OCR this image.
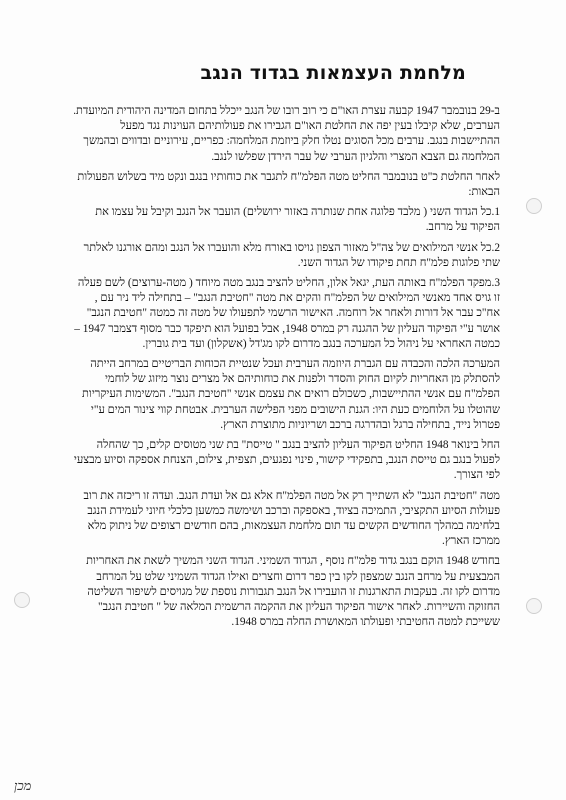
מלחמת העצמאות בגדוד הנגב

ב-29 בנובמבר 1947 קבעה עצרת האו"ם כי רוב רובו של הנגב ייכלל בתחום המדינה היהודית המיועדת. הערבים, שלא קיבלו בעין יפה את החלטת האו"ם הגבירו את פעולותיהם העוינות נגד מפעל ההתיישבות בנגב. ערבים מכל הסוגים נטלו חלק ביוזמת המלחמה: כפריים, עירוניים ובדווים ובהמשך המלחמה גם הצבא המצרי והלגיון הערבי של עבר הירדן שפלשו לנגב.

לאחר החלטת כ"ט בנובמבר החליט מטה הפלמ"ח לתגבר את כוחותיו בנגב ונקט מיד בשלוש הפעולות הבאות:

1.כל הגדוד השני ( מלבד פלוגה אחת שנותרה באזור ירושלים) הועבר אל הנגב וקיבל על עצמו את הפיקוד על מרחב.

2.כל אנשי המילואים של צה"ל מאזור הצפון גויסו באורח מלא והועברו אל הנגב ומהם אורגנו לאלתר שתי פלוגות פלמ"ח תחת פיקודו של הגדוד השני.

3.מפקד הפלמ"ח באותה העת, יגאל אלון, החליט להציב בנגב מטה מיוחד ( מטה-ערוצים) לשם פעלה זו גויס אחד מאנשי המילואים של הפלמ"ח והקים את מטה "חטיבת הנגב" – בתחילה ליד ניר עם , אח"כ עבר אל דורות ולאחר אל רוחמה. האישור הרשמי לתפעולו של מטה זה כמטה "חטיבת הנגב" אושר ע"י הפיקוד העליון של ההגנה רק במרס 1948, אבל בפועל הוא תיפקד כבר מסוף דצמבר 1947 – כמטה האחראי על ניהול כל המערכה בנגב מדרום לקו מג'דל (אשקלון) ועד בית גוברין.

המערכה הלכה והכבדה עם הגברת היוזמה הערבית ועכל שנטיית הכוחות הבריטיים במרחב הייתה להסתלק מן האחריות לקיום החוק והסדר ולפנות את כוחותיהם אל מצרים נוצר מיזוג של לוחמי הפלמ"ח עם אנשי ההתיישבות, כשכולם רואים את עצמם אנשי "חטיבת הנגב". המשימות העיקריות שהוטלו על הלוחמים כעת היו: הגנת הישובים מפני הפלישה הערבית. אבטחת קווי צינור המים ע"י פטרול נייד, בתחילה ברגל ובהדרגה ברכב ושריוניות מתוצרת הארץ.

החל בינואר 1948 החליט הפיקוד העליון להציב בנגב " טייסת" בת שני מטוסים קלים, כך שהחלה לפעול בנגב גם טייסת הנגב, בתפקידי קישור, פינוי נפגעים, תצפית, צילום, הצנחת אספקה וסיוע מבצעי לפי הצורך.

מטה "חטיבת הנגב" לא השתייך רק אל מטה הפלמ"ח אלא גם אל ועדת הנגב. ועדה זו ריכזה את רוב פעולות הסיוע התקציבי, התמיכה בציוד, באספקה וברכב ושימשה כמשען כלכלי חיוני לעמידת הנגב בלחימה במהלך החודשים הקשים עד תום מלחמת העצמאות, בהם חודשים רצופים של ניתוק מלא ממרכז הארץ.

בחודש 1948 הוקם בנגב גדוד פלמ"ח נוסף , הגדוד השמיני. הגדוד השני המשיך לשאת את האחריות המבצעית על מרחב הנגב שמצפון לקו בין כפר דרום וחצרים ואילו הגדוד השמיני שלט על המרחב מדרום לקו זה. בעקבות התארגנות זו הועבירו אל הנגב תגבורות נוספת של מגויסים לשיפור השליטה החזוקה והשיירות. לאחר אישור הפיקוד העליון את ההקמה הרשמית המלאה של " חטיבת הנגב" ששייכת למטה החטיבתי ופעולתו המאושרת החלה במרס 1948.

מכן
